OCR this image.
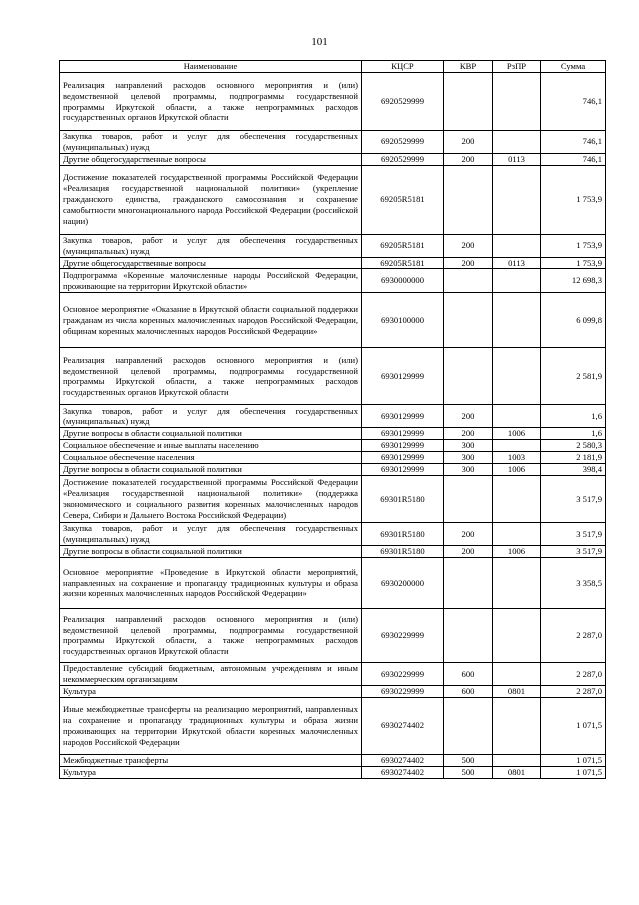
101
Наименование	КЦСР	КВР	РзПР	Сумма
Реализация направлений расходов основного мероприятия и (или) ведомственной целевой программы, подпрограммы государственной программы Иркутской области, а также непрограммных расходов государственных органов Иркутской области	6920529999			746,1
Закупка товаров, работ и услуг для обеспечения государственных (муниципальных) нужд	6920529999	200		746,1
Другие общегосударственные вопросы	6920529999	200	0113	746,1
Достижение показателей государственной программы Российской Федерации «Реализация государственной национальной политики» (укрепление гражданского единства, гражданского самосознания и сохранение самобытности многонационального народа Российской Федерации (российской нации)	69205R5181			1 753,9
Закупка товаров, работ и услуг для обеспечения государственных (муниципальных) нужд	69205R5181	200		1 753,9
Другие общегосударственные вопросы	69205R5181	200	0113	1 753,9
Подпрограмма «Коренные малочисленные народы Российской Федерации, проживающие на территории Иркутской области»	6930000000			12 698,3
Основное мероприятие «Оказание в Иркутской области социальной поддержки гражданам из числа коренных малочисленных народов Российской Федерации, общинам коренных малочисленных народов Российской Федерации»	6930100000			6 099,8
Реализация направлений расходов основного мероприятия и (или) ведомственной целевой программы, подпрограммы государственной программы Иркутской области, а также непрограммных расходов государственных органов Иркутской области	6930129999			2 581,9
Закупка товаров, работ и услуг для обеспечения государственных (муниципальных) нужд	6930129999	200		1,6
Другие вопросы в области социальной политики	6930129999	200	1006	1,6
Социальное обеспечение и иные выплаты населению	6930129999	300		2 580,3
Социальное обеспечение населения	6930129999	300	1003	2 181,9
Другие вопросы в области социальной политики	6930129999	300	1006	398,4
Достижение показателей государственной программы Российской Федерации «Реализация государственной национальной политики» (поддержка экономического и социального развития коренных малочисленных народов Севера, Сибири и Дальнего Востока Российской Федерации)	69301R5180			3 517,9
Закупка товаров, работ и услуг для обеспечения государственных (муниципальных) нужд	69301R5180	200		3 517,9
Другие вопросы в области социальной политики	69301R5180	200	1006	3 517,9
Основное мероприятие «Проведение в Иркутской области мероприятий, направленных на сохранение и пропаганду традиционных культуры и образа жизни коренных малочисленных народов Российской Федерации»	6930200000			3 358,5
Реализация направлений расходов основного мероприятия и (или) ведомственной целевой программы, подпрограммы государственной программы Иркутской области, а также непрограммных расходов государственных органов Иркутской области	6930229999			2 287,0
Предоставление субсидий бюджетным, автономным учреждениям и иным некоммерческим организациям	6930229999	600		2 287,0
Культура	6930229999	600	0801	2 287,0
Иные межбюджетные трансферты на реализацию мероприятий, направленных на сохранение и пропаганду традиционных культуры и образа жизни проживающих на территории Иркутской области коренных малочисленных народов Российской Федерации	6930274402			1 071,5
Межбюджетные трансферты	6930274402	500		1 071,5
Культура	6930274402	500	0801	1 071,5
